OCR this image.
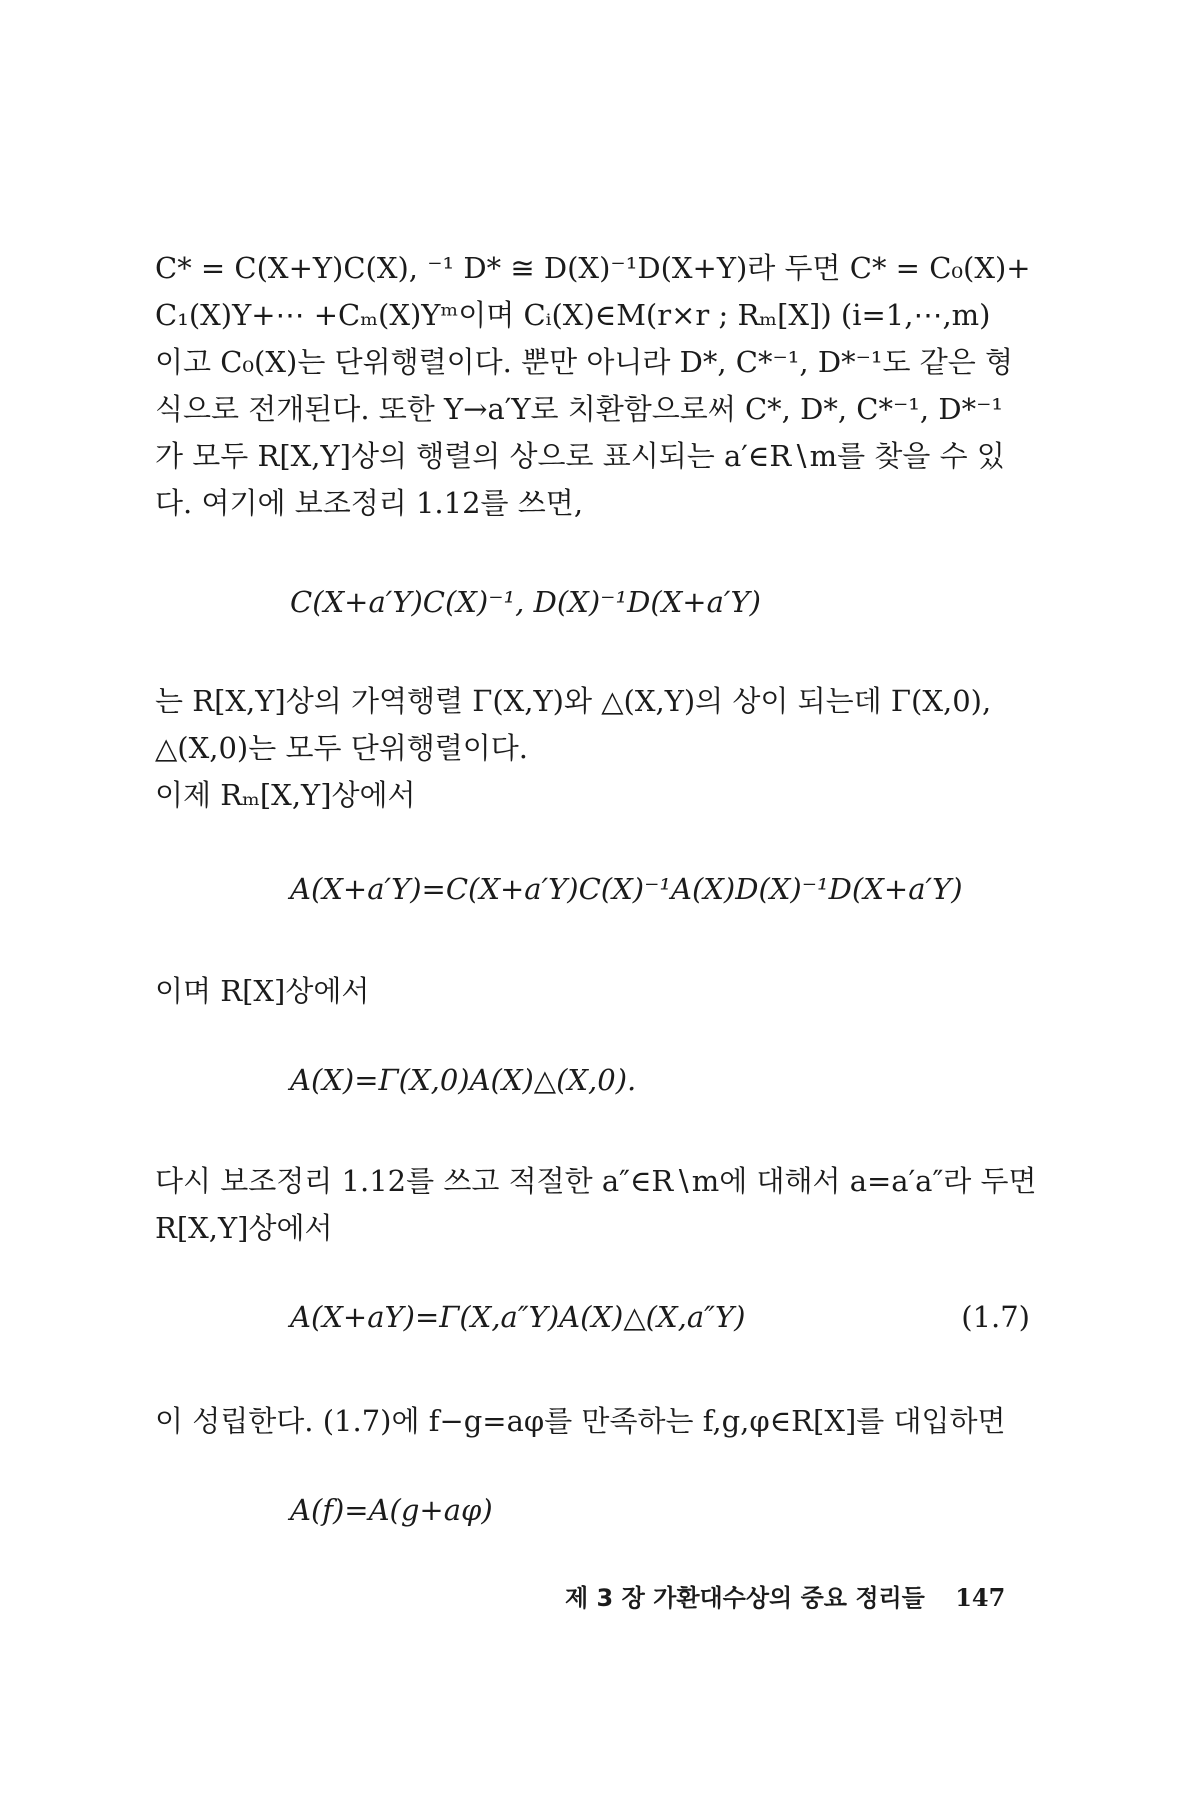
C* = C(X+Y)C(X), ⁻¹ D* ≅ D(X)⁻¹D(X+Y)라 두면 C* = C₀(X)+
C₁(X)Y+⋯ +Cₘ(X)Yᵐ이며 Cᵢ(X)∈M(r×r ; Rₘ[X]) (i=1,⋯,m)
이고 C₀(X)는 단위행렬이다. 뿐만 아니라 D*, C*⁻¹, D*⁻¹도 같은 형
식으로 전개된다. 또한 Y→a′Y로 치환함으로써 C*, D*, C*⁻¹, D*⁻¹
가 모두 R[X,Y]상의 행렬의 상으로 표시되는 a′∈R∖m를 찾을 수 있
다. 여기에 보조정리 1.12를 쓰면,
C(X+a′Y)C(X)⁻¹, D(X)⁻¹D(X+a′Y)
는 R[X,Y]상의 가역행렬 Γ(X,Y)와 △(X,Y)의 상이 되는데 Γ(X,0),
△(X,0)는 모두 단위행렬이다.
이제 Rₘ[X,Y]상에서
A(X+a′Y)=C(X+a′Y)C(X)⁻¹A(X)D(X)⁻¹D(X+a′Y)
이며 R[X]상에서
A(X)=Γ(X,0)A(X)△(X,0).
다시 보조정리 1.12를 쓰고 적절한 a″∈R∖m에 대해서 a=a′a″라 두면
R[X,Y]상에서
A(X+aY)=Γ(X,a″Y)A(X)△(X,a″Y)	(1.7)
이 성립한다. (1.7)에 f−g=aφ를 만족하는 f,g,φ∈R[X]를 대입하면
A(f)=A(g+aφ)
제 3 장 가환대수상의 중요 정리들 147
